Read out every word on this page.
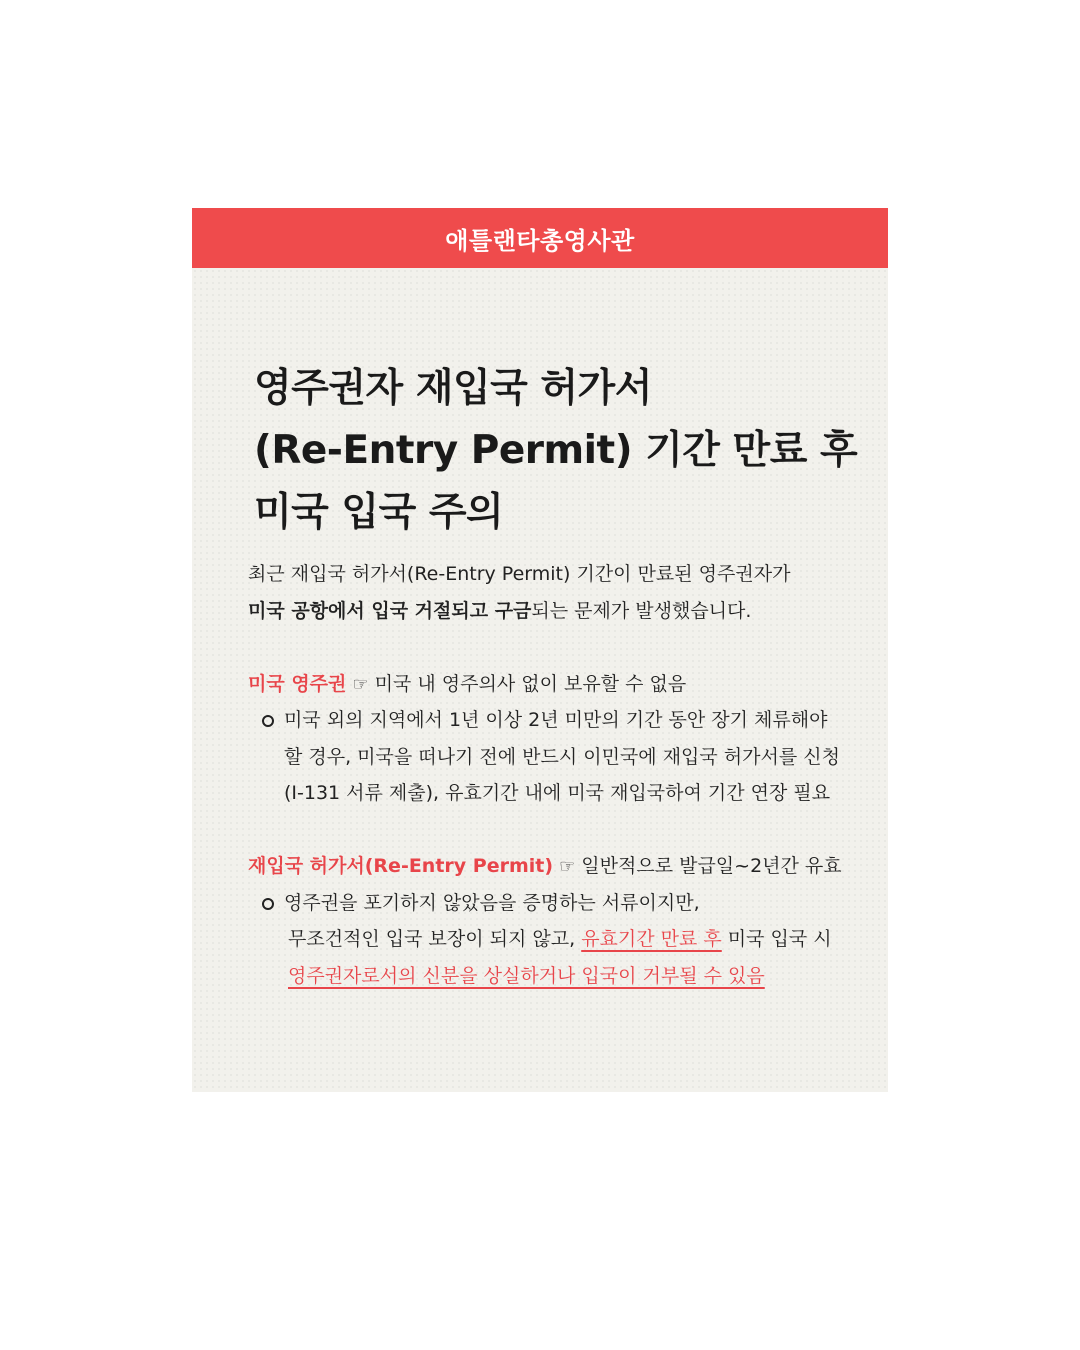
애틀랜타총영사관
영주권자 재입국 허가서
(Re-Entry Permit) 기간 만료 후
미국 입국 주의
최근 재입국 허가서(Re-Entry Permit) 기간이 만료된 영주권자가
미국 공항에서 입국 거절되고 구금되는 문제가 발생했습니다.
미국 영주권 ☞ 미국 내 영주의사 없이 보유할 수 없음
미국 외의 지역에서 1년 이상 2년 미만의 기간 동안 장기 체류해야
할 경우, 미국을 떠나기 전에 반드시 이민국에 재입국 허가서를 신청
(I-131 서류 제출), 유효기간 내에 미국 재입국하여 기간 연장 필요
재입국 허가서(Re-Entry Permit) ☞ 일반적으로 발급일~2년간 유효
영주권을 포기하지 않았음을 증명하는 서류이지만,
무조건적인 입국 보장이 되지 않고, 유효기간 만료 후 미국 입국 시
영주권자로서의 신분을 상실하거나 입국이 거부될 수 있음
